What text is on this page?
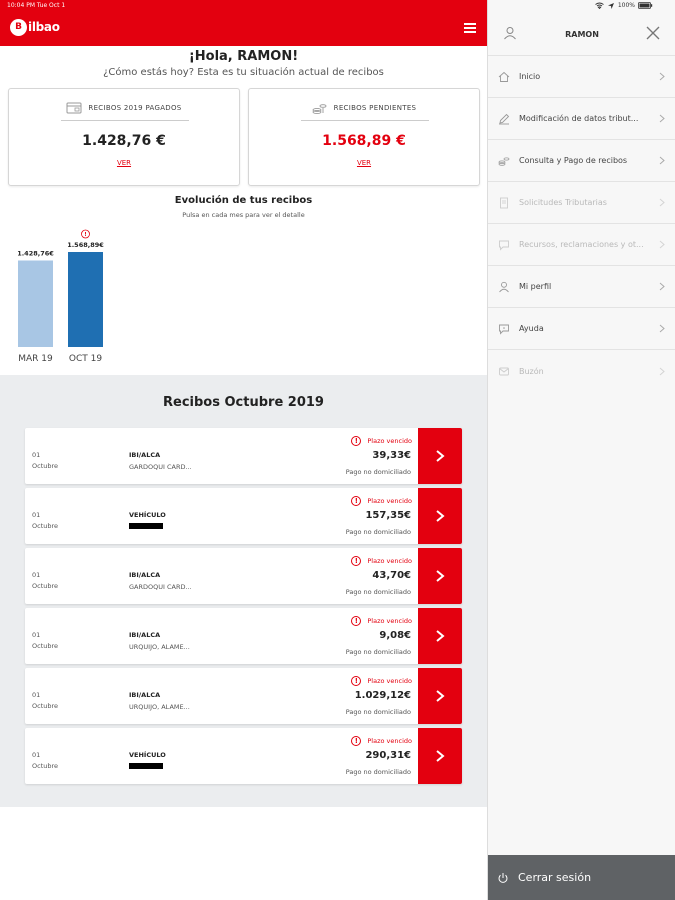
10:04 PM Tue Oct 1
B ilbao
¡Hola, RAMON!
¿Cómo estás hoy? Esta es tu situación actual de recibos
RECIBOS 2019 PAGADOS
1.428,76 €
VER
RECIBOS PENDIENTES
1.568,89 €
VER
Evolución de tus recibos
Pulsa en cada mes para ver el detalle
1.428,76€
MAR 19
1.568,89€
OCT 19
!
Recibos Octubre 2019
01
Octubre
IBI/ALCA
GARDOQUI CARD...
!	Plazo vencido
39,33€
Pago no domiciliado
01
Octubre
VEHÍCULO
!	Plazo vencido
157,35€
Pago no domiciliado
01
Octubre
IBI/ALCA
GARDOQUI CARD...
!	Plazo vencido
43,70€
Pago no domiciliado
01
Octubre
IBI/ALCA
URQUIJO, ALAME...
!	Plazo vencido
9,08€
Pago no domiciliado
01
Octubre
IBI/ALCA
URQUIJO, ALAME...
!	Plazo vencido
1.029,12€
Pago no domiciliado
01
Octubre
VEHÍCULO
!	Plazo vencido
290,31€
Pago no domiciliado
100%
RAMON
Inicio
Modificación de datos tribut...
Consulta y Pago de recibos
Solicitudes Tributarias
Recursos, reclamaciones y ot...
Mi perfil
Ayuda
Buzón
Cerrar sesión
